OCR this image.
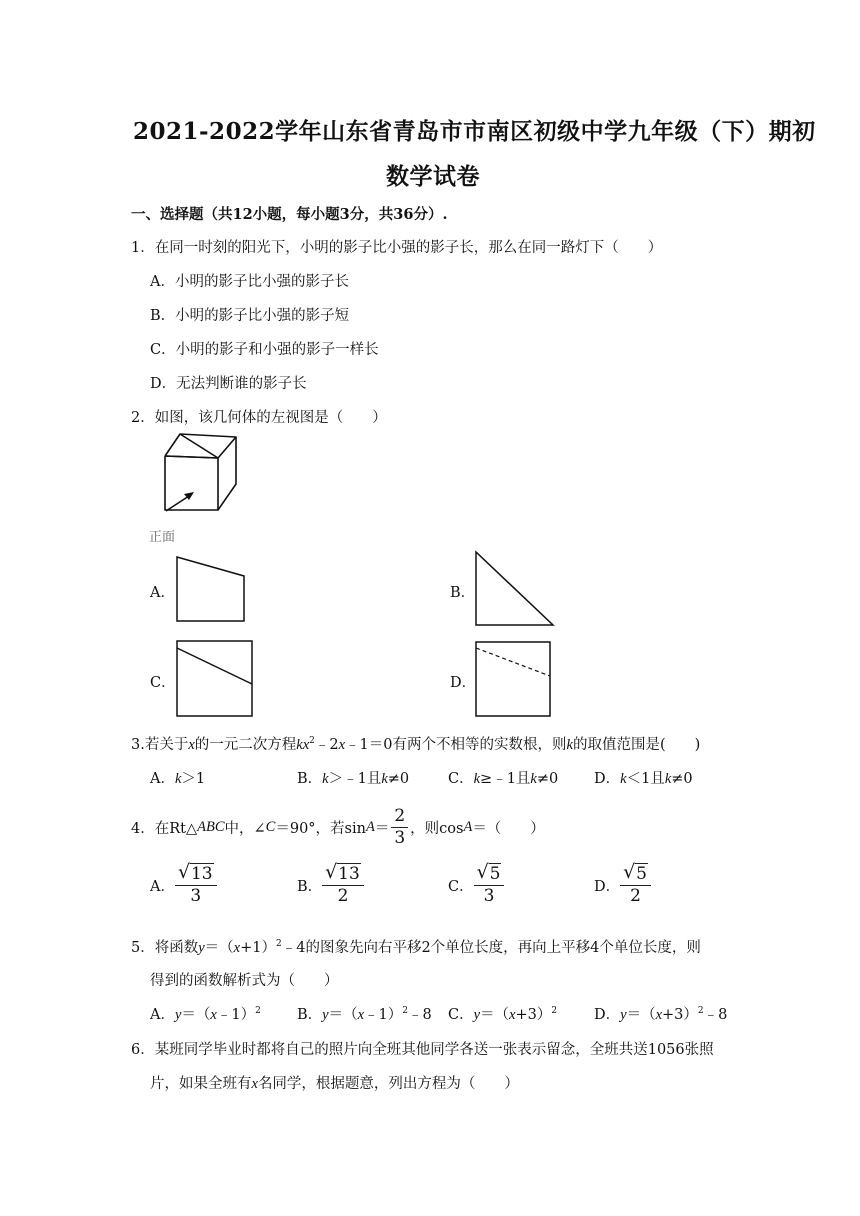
2021-2022学年山东省青岛市市南区初级中学九年级（下）期初
数学试卷
一、选择题（共12小题，每小题3分，共36分）.
1．在同一时刻的阳光下，小明的影子比小强的影子长，那么在同一路灯下（　　）
A．小明的影子比小强的影子长
B．小明的影子比小强的影子短
C．小明的影子和小强的影子一样长
D．无法判断谁的影子长
2．如图，该几何体的左视图是（　　）
正面
A．	B．
C．	D．
3.若关于x的一元二次方程$kx^2﹣2x﹣1=0$有两个不相等的实数根，则k的取值范围是(　　)
A．k＞1	B．k＞﹣1且k≠0	C．k≥﹣1且k≠0 D．k＜1且k≠0
4．在Rt△ ABC 中，∠ C ＝90°，若$\sin A = \frac{2}{3}$ ，则cos A ＝（　　）
A． $\frac{√ 13}{3}$	B． $\frac{√ 13}{2}$	C． $\frac{√ 5}{3}$	D． $\frac{√ 5}{2}$
5．将函数$y=(x+1)^2﹣4$的图象先向右平移2个单位长度，再向上平移4个单位长度，则
得到的函数解析式为（　　）
A．y＝（x﹣1）$^2$ B．y＝（x﹣1）$^2$﹣8 C．$y=(x+3)^2$	D．$y=(x+3)^2﹣8$
6．某班同学毕业时都将自己的照片向全班其他同学各送一张表示留念，全班共送1056张照
片，如果全班有x名同学，根据题意，列出方程为（　　）
